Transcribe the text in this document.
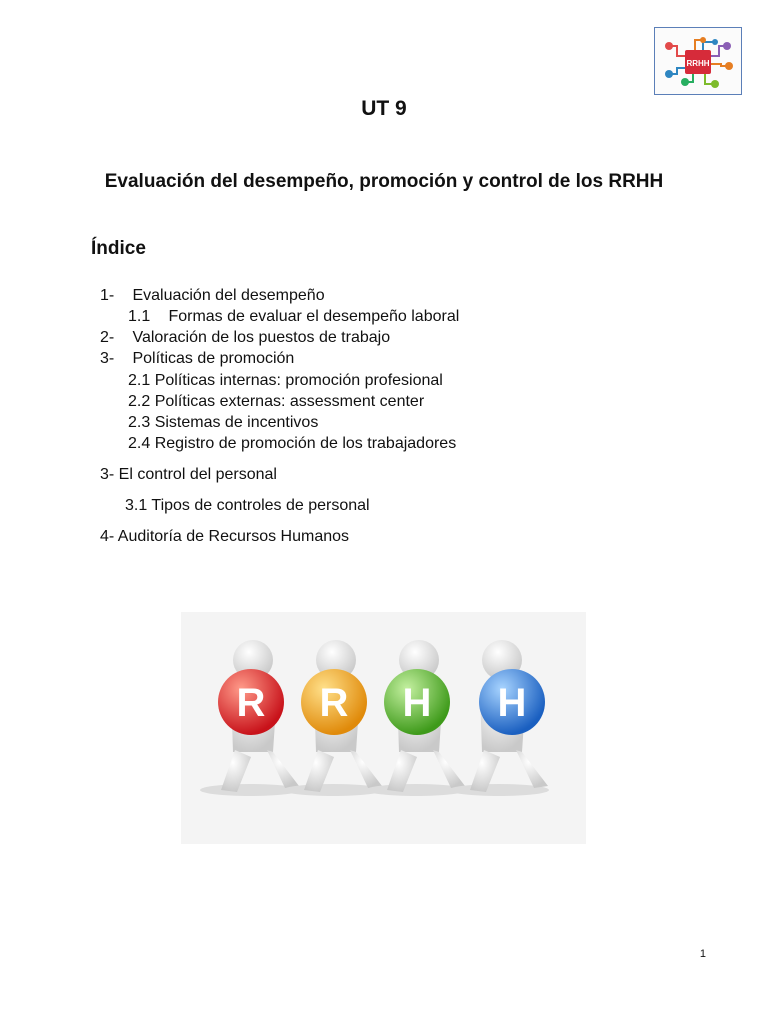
RRHH
UT 9
Evaluación del desempeño, promoción y control de los RRHH
Índice
1- Evaluación del desempeño
1.1 Formas de evaluar el desempeño laboral
2- Valoración de los puestos de trabajo
3- Políticas de promoción
2.1 Políticas internas: promoción profesional
2.2 Políticas externas: assessment center
2.3 Sistemas de incentivos
2.4 Registro de promoción de los trabajadores
3- El control del personal
3.1 Tipos de controles de personal
4- Auditoría de Recursos Humanos
R R H H
1
